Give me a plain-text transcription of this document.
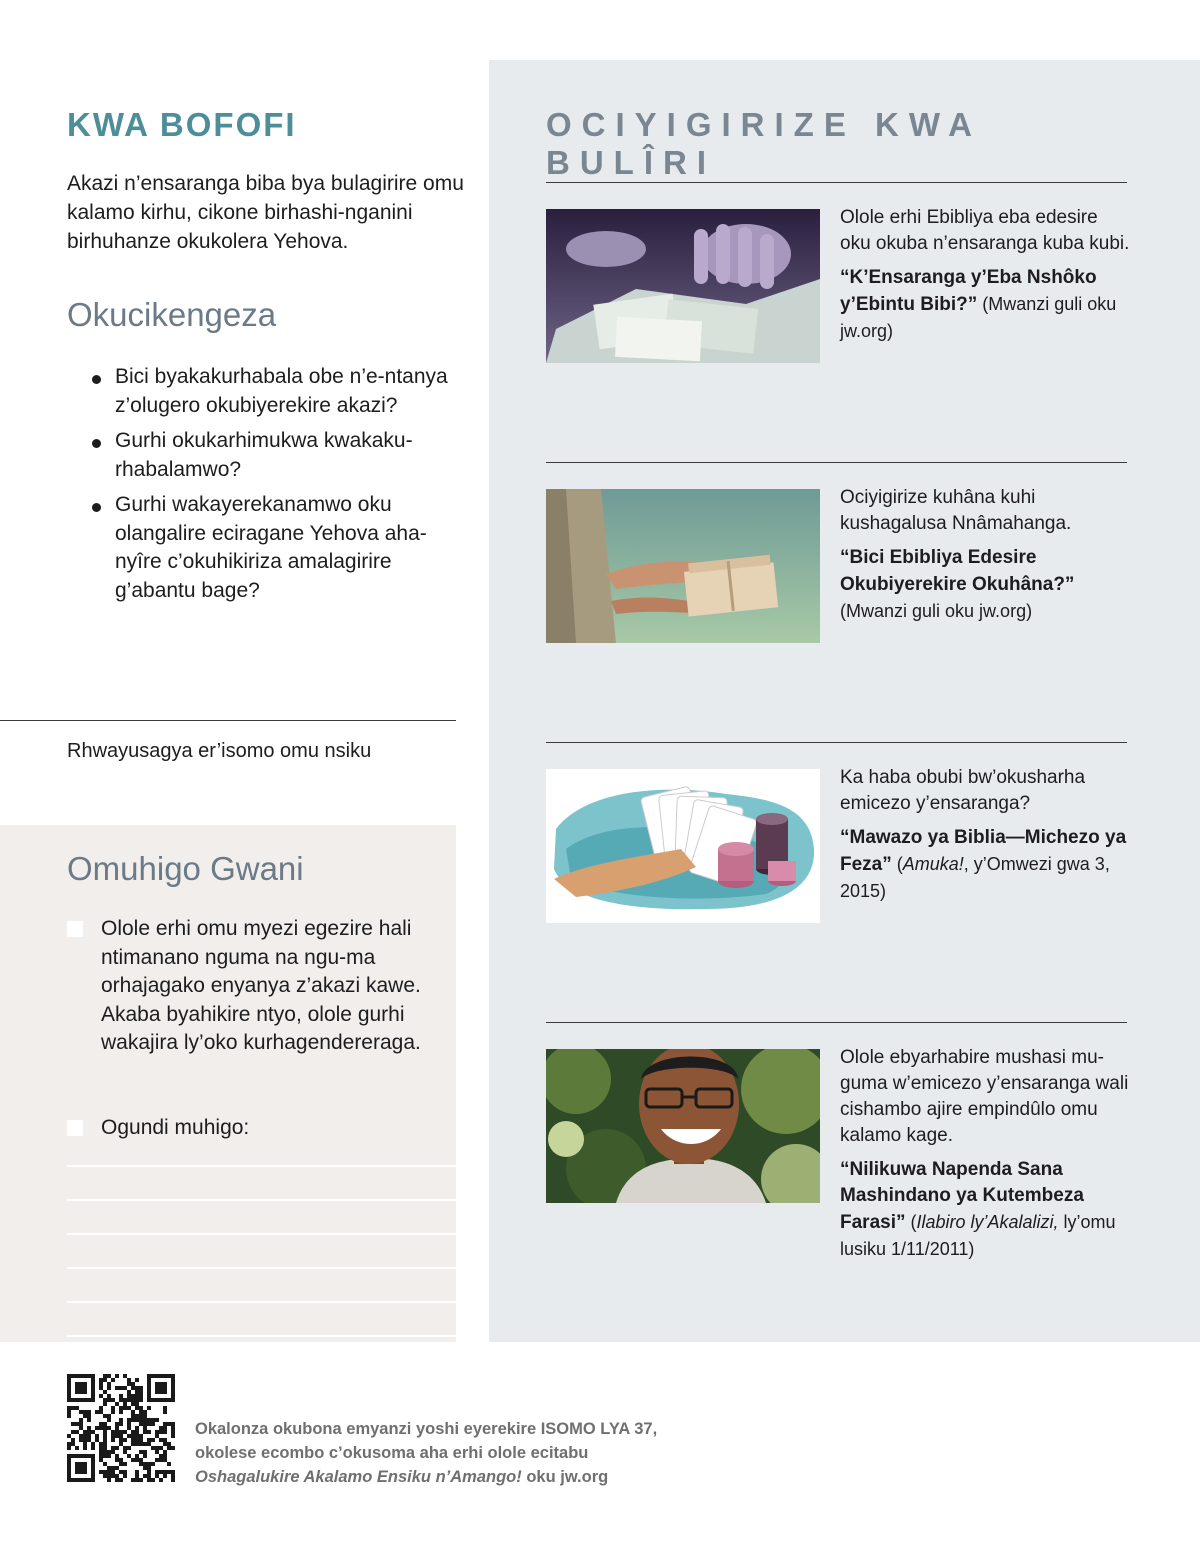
KWA BOFOFI

Akazi n’ensaranga biba bya bulagirire omu kalamo kirhu, cikone birhashi-nganini birhuhanze okukolera Yehova.

Okucikengeza
Bici byakakurhabala obe n’e-ntanya z’olugero okubiyerekire akazi?
Gurhi okukarhimukwa kwakaku-rhabalamwo?
Gurhi wakayerekanamwo oku olangalire eciragane Yehova aha-nyîre c’okuhikiriza amalagirire g’abantu bage?

Rhwayusagya er’isomo omu nsiku

Omuhigo Gwani

Olole erhi omu myezi egezire hali ntimanano nguma na ngu-ma orhajagako enyanya z’akazi kawe. Akaba byahikire ntyo, olole gurhi wakajira ly’oko kurhagendereraga.

Ogundi muhigo:

OCIYIGIRIZE KWA BULÎRI

Olole erhi Ebibliya eba edesire oku okuba n’ensaranga kuba kubi.

“K’Ensaranga y’Eba Nshôko y’Ebintu Bibi?” (Mwanzi guli oku jw.org)

Ociyigirize kuhâna kuhi kushagalusa Nnâmahanga.

“Bici Ebibliya Edesire Okubiyerekire Okuhâna?” (Mwanzi guli oku jw.org)

Ka haba obubi bw’okusharha emicezo y’ensaranga?

“Mawazo ya Biblia—Michezo ya Feza” (Amuka!, y’Omwezi gwa 3, 2015)

Olole ebyarhabire mushasi mu-guma w’emicezo y’ensaranga wali cishambo ajire empindûlo omu kalamo kage.

“Nilikuwa Napenda Sana Mashindano ya Kutembeza Farasi” (Ilabiro ly’Akalalizi, ly’omu lusiku 1/11/2011)

Okalonza okubona emyanzi yoshi eyerekire ISOMO LYA 37,
okolese ecombo c’okusoma aha erhi olole ecitabu
Oshagalukire Akalamo Ensiku n’Amango! oku jw.org
